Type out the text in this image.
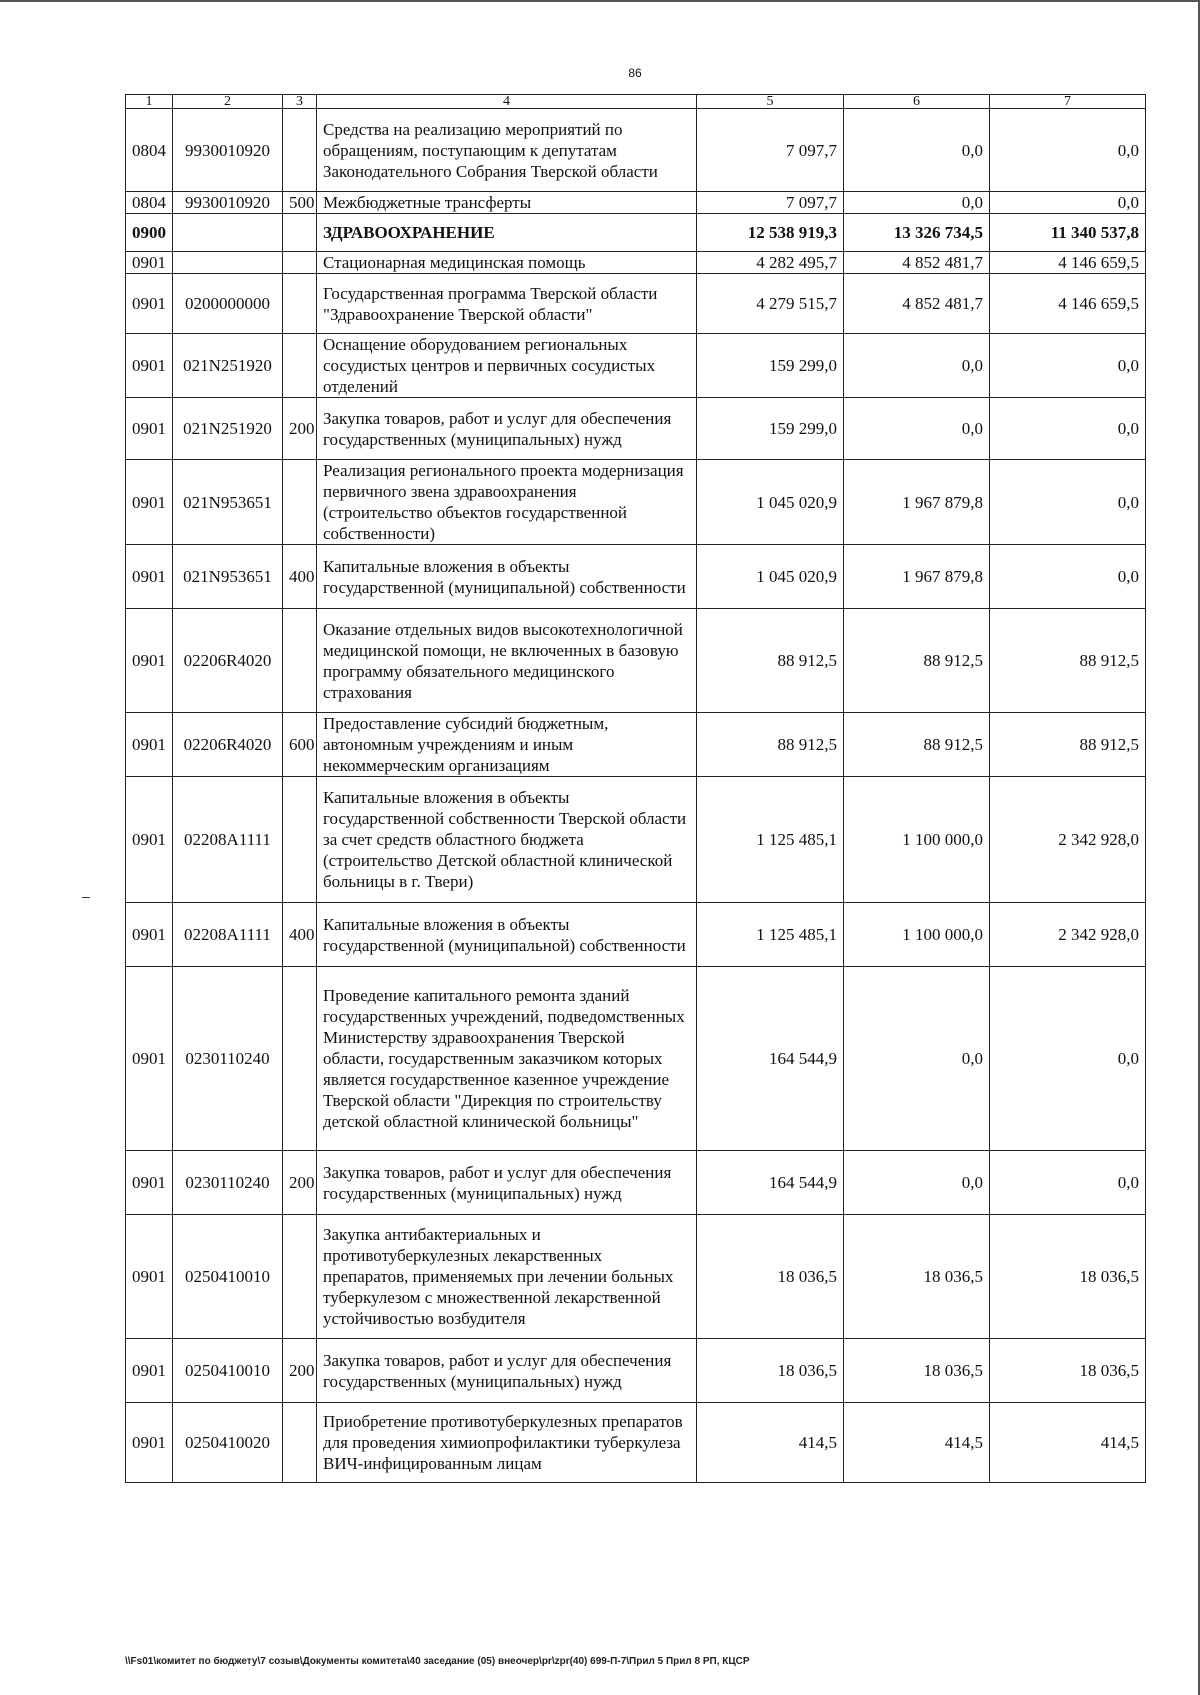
86
1	2	3	4	5	6	7
0804	9930010920		Средства на реализацию мероприятий по обращениям, поступающим к депутатам Законодательного Собрания Тверской области	7 097,7	0,0	0,0
0804	9930010920	500	Межбюджетные трансферты	7 097,7	0,0	0,0
0900			ЗДРАВООХРАНЕНИЕ	12 538 919,3	13 326 734,5	11 340 537,8
0901			Стационарная медицинская помощь	4 282 495,7	4 852 481,7	4 146 659,5
0901	0200000000		Государственная программа Тверской области "Здравоохранение Тверской области"	4 279 515,7	4 852 481,7	4 146 659,5
0901	021N251920		Оснащение оборудованием региональных сосудистых центров и первичных сосудистых отделений	159 299,0	0,0	0,0
0901	021N251920	200	Закупка товаров, работ и услуг для обеспечения государственных (муниципальных) нужд	159 299,0	0,0	0,0
0901	021N953651		Реализация регионального проекта модернизация первичного звена здравоохранения (строительство объектов государственной собственности)	1 045 020,9	1 967 879,8	0,0
0901	021N953651	400	Капитальные вложения в объекты государственной (муниципальной) собственности	1 045 020,9	1 967 879,8	0,0
0901	02206R4020		Оказание отдельных видов высокотехнологичной медицинской помощи, не включенных в базовую программу обязательного медицинского страхования	88 912,5	88 912,5	88 912,5
0901	02206R4020	600	Предоставление субсидий бюджетным, автономным учреждениям и иным некоммерческим организациям	88 912,5	88 912,5	88 912,5
0901	02208A1111		Капитальные вложения в объекты государственной собственности Тверской области за счет средств областного бюджета (строительство Детской областной клинической больницы в г. Твери)	1 125 485,1	1 100 000,0	2 342 928,0
0901	02208A1111	400	Капитальные вложения в объекты государственной (муниципальной) собственности	1 125 485,1	1 100 000,0	2 342 928,0
0901	0230110240		Проведение капитального ремонта зданий государственных учреждений, подведомственных Министерству здравоохранения Тверской области, государственным заказчиком которых является государственное казенное учреждение Тверской области "Дирекция по строительству детской областной клинической больницы"	164 544,9	0,0	0,0
0901	0230110240	200	Закупка товаров, работ и услуг для обеспечения государственных (муниципальных) нужд	164 544,9	0,0	0,0
0901	0250410010		Закупка антибактериальных и противотуберкулезных лекарственных препаратов, применяемых при лечении больных туберкулезом с множественной лекарственной устойчивостью возбудителя	18 036,5	18 036,5	18 036,5
0901	0250410010	200	Закупка товаров, работ и услуг для обеспечения государственных (муниципальных) нужд	18 036,5	18 036,5	18 036,5
0901	0250410020		Приобретение противотуберкулезных препаратов для проведения химиопрофилактики туберкулеза ВИЧ-инфицированным лицам	414,5	414,5	414,5
\\Fs01\комитет по бюджету\7 созыв\Документы комитета\40 заседание (05) внеочер\pr\zpr(40) 699-П-7\Прил 5 Прил 8 РП, КЦСР
